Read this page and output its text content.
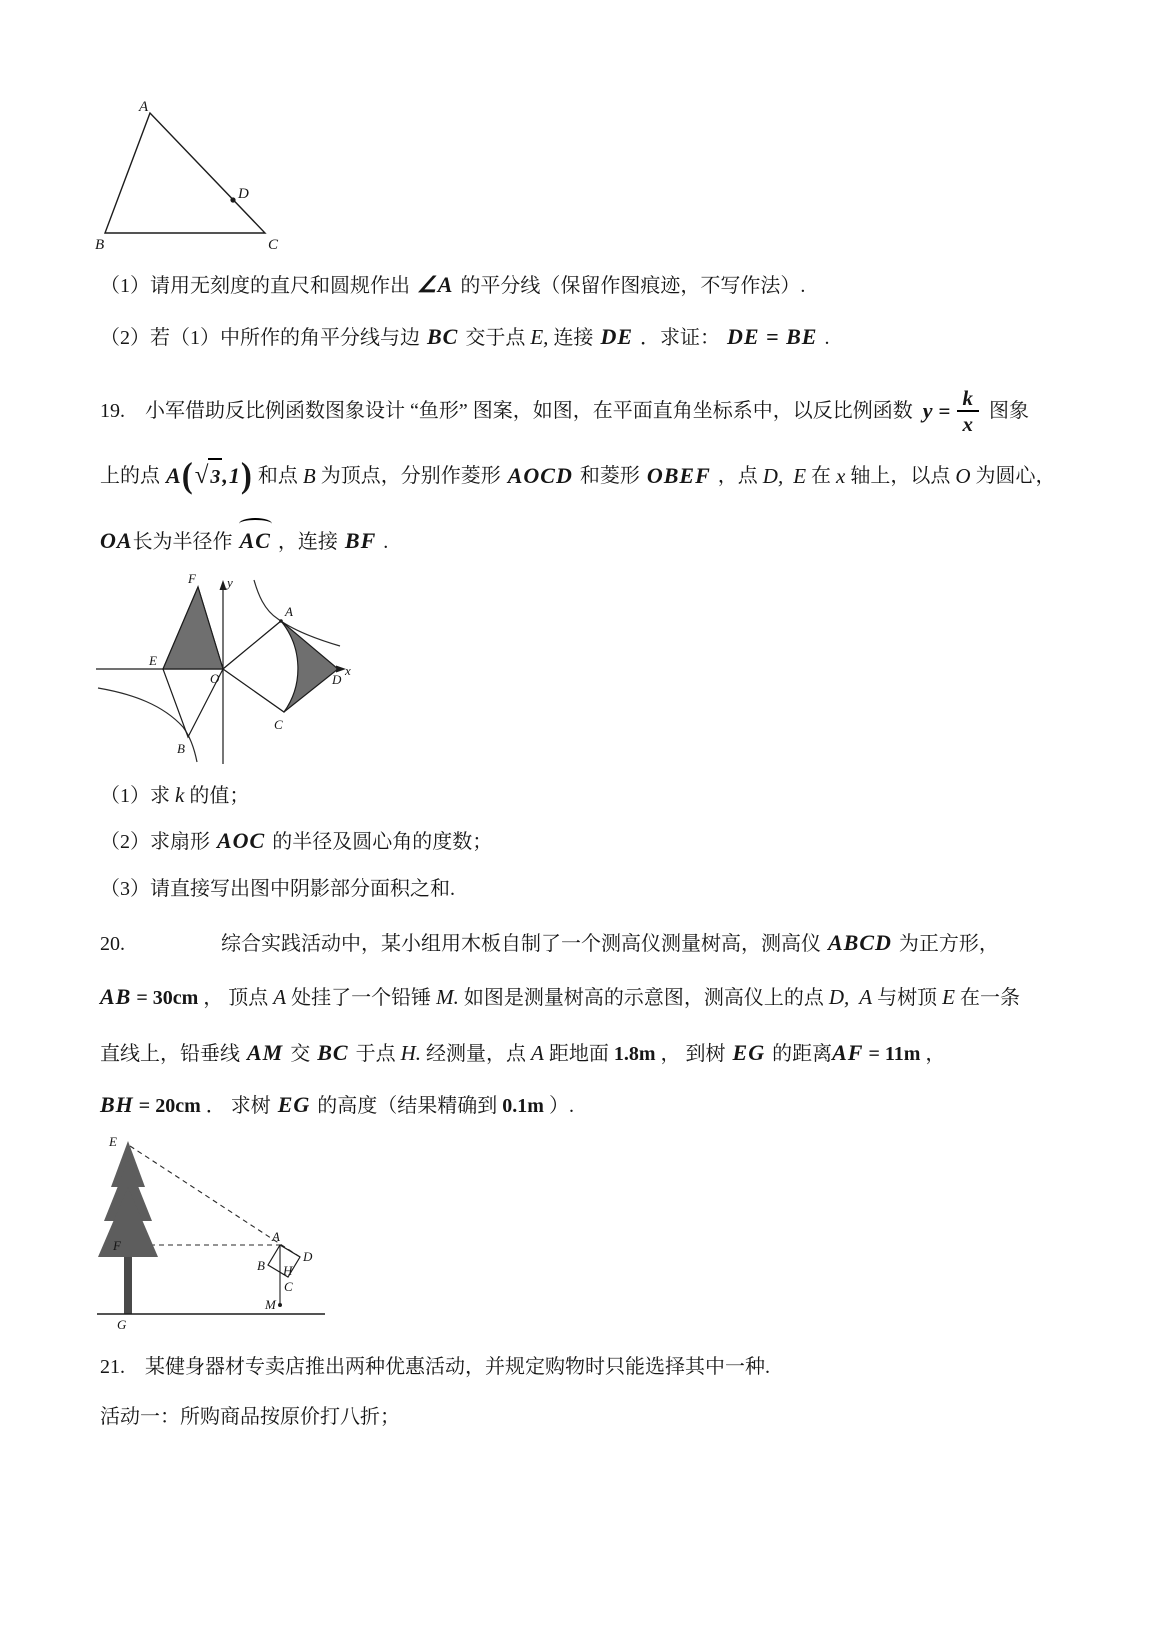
A
B	C
D
（1）请用无刻度的直尺和圆规作出 ∠A 的平分线（保留作图痕迹，不写作法）.
（2）若（1）中所作的角平分线与边 BC 交于点 E, 连接 DE ．求证： DE = BE .
19.　小军借助反比例函数图象设计 “鱼形” 图案，如图，在平面直角坐标系中，以反比例函数 $y = \frac{k}{x}$ 图象
上的点 A ( √ 3 ,1 ) 和点 B 为顶点，分别作菱形 AOCD 和菱形 OBEF ，点 D, E 在 x 轴上，以点 O 为圆心，
OA长为半径作 AC ，连接 BF .
y
x
F
A
E
O	D
C
B
（1）求 k 的值；
（2）求扇形 AOC 的半径及圆心角的度数；
（3）请直接写出图中阴影部分面积之和.
20.	综合实践活动中，某小组用木板自制了一个测高仪测量树高，测高仪 ABCD 为正方形，
AB = 30cm ， 顶点 A 处挂了一个铅锤 M. 如图是测量树高的示意图，测高仪上的点 D, A 与树顶 E 在一条
直线上，铅垂线 AM 交 BC 于点 H. 经测量，点 A 距地面 1.8m ， 到树 EG 的距离AF = 11m ，
BH = 20cm ． 求树 EG 的高度（结果精确到 0.1m ）.
E
F
G
A
D
B H
C
M
21.　某健身器材专卖店推出两种优惠活动，并规定购物时只能选择其中一种.
活动一：所购商品按原价打八折；
